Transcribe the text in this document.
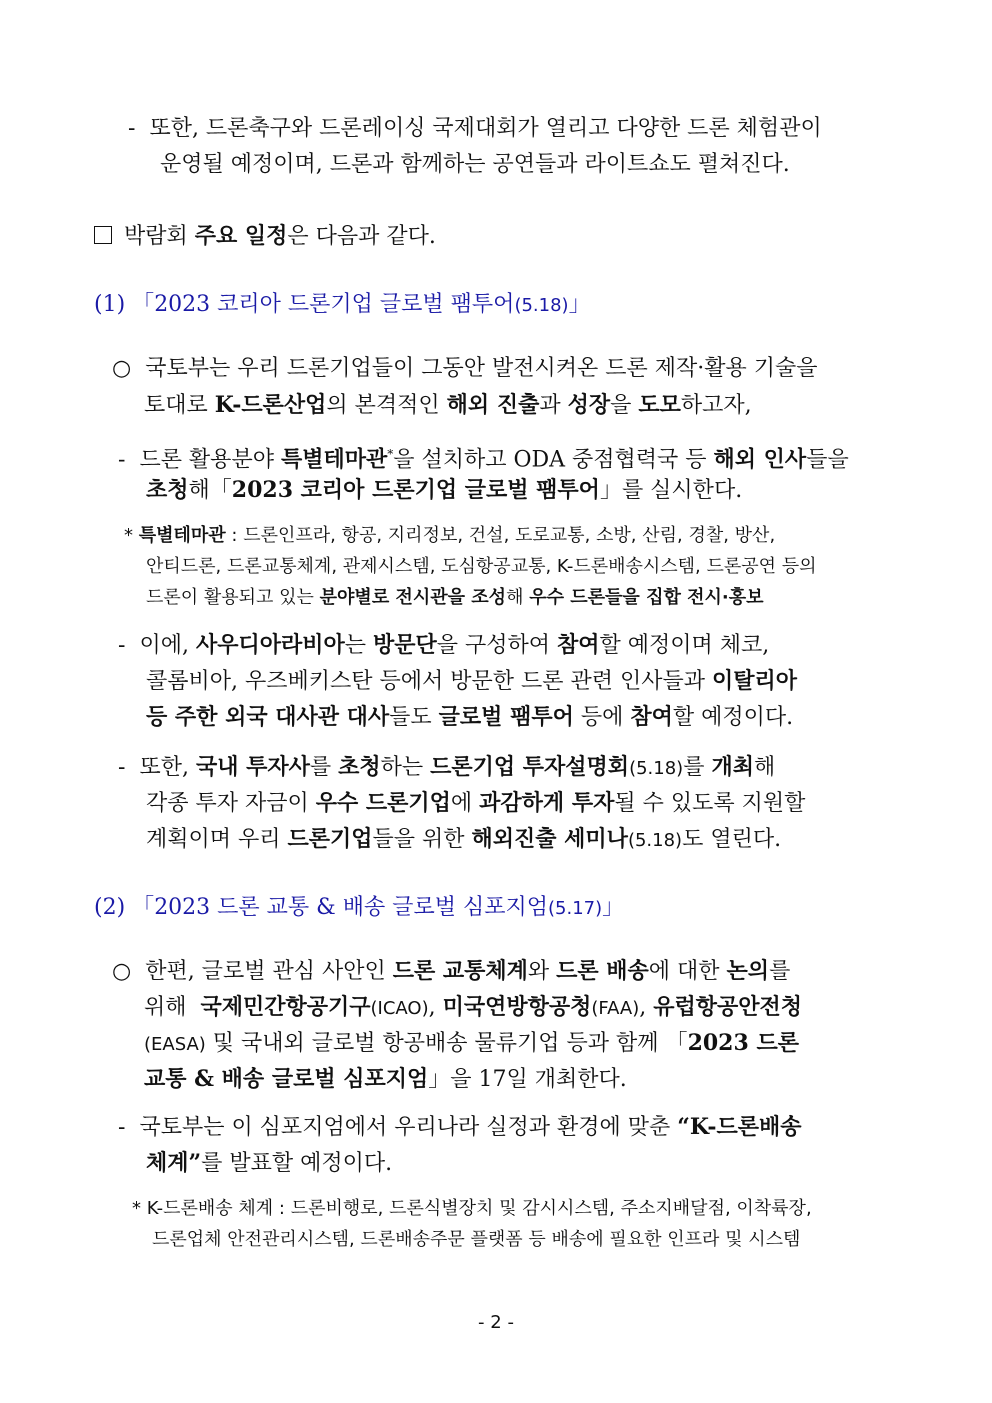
- 또한, 드론축구와 드론레이싱 국제대회가 열리고 다양한 드론 체험관이
운영될 예정이며, 드론과 함께하는 공연들과 라이트쇼도 펼쳐진다.
박람회 주요 일정은 다음과 같다.
(1) 「2023 코리아 드론기업 글로벌 팸투어(5.18)」
○ 국토부는 우리 드론기업들이 그동안 발전시켜온 드론 제작·활용 기술을
토대로 K-드론산업의 본격적인 해외 진출과 성장을 도모하고자,
- 드론 활용분야 특별테마관*을 설치하고 ODA 중점협력국 등 해외 인사들을
초청해「2023 코리아 드론기업 글로벌 팸투어」를 실시한다.
* 특별테마관 : 드론인프라, 항공, 지리정보, 건설, 도로교통, 소방, 산림, 경찰, 방산,
안티드론, 드론교통체계, 관제시스템, 도심항공교통, K-드론배송시스템, 드론공연 등의
드론이 활용되고 있는 분야별로 전시관을 조성해 우수 드론들을 집합 전시·홍보
- 이에, 사우디아라비아는 방문단을 구성하여 참여할 예정이며 체코,
콜롬비아, 우즈베키스탄 등에서 방문한 드론 관련 인사들과 이탈리아
등 주한 외국 대사관 대사들도 글로벌 팸투어 등에 참여할 예정이다.
- 또한, 국내 투자사를 초청하는 드론기업 투자설명회(5.18)를 개최해
각종 투자 자금이 우수 드론기업에 과감하게 투자될 수 있도록 지원할
계획이며 우리 드론기업들을 위한 해외진출 세미나(5.18)도 열린다.
(2) 「2023 드론 교통 & 배송 글로벌 심포지엄(5.17)」
○ 한편, 글로벌 관심 사안인 드론 교통체계와 드론 배송에 대한 논의를
위해  국제민간항공기구(ICAO), 미국연방항공청(FAA), 유럽항공안전청
(EASA) 및 국내외 글로벌 항공배송 물류기업 등과 함께 「2023 드론
교통 & 배송 글로벌 심포지엄」을 17일 개최한다.
- 국토부는 이 심포지엄에서 우리나라 실정과 환경에 맞춘 “K-드론배송
체계”를 발표할 예정이다.
* K-드론배송 체계 : 드론비행로, 드론식별장치 및 감시시스템, 주소지배달점, 이착륙장,
드론업체 안전관리시스템, 드론배송주문 플랫폼 등 배송에 필요한 인프라 및 시스템
- 2 -
